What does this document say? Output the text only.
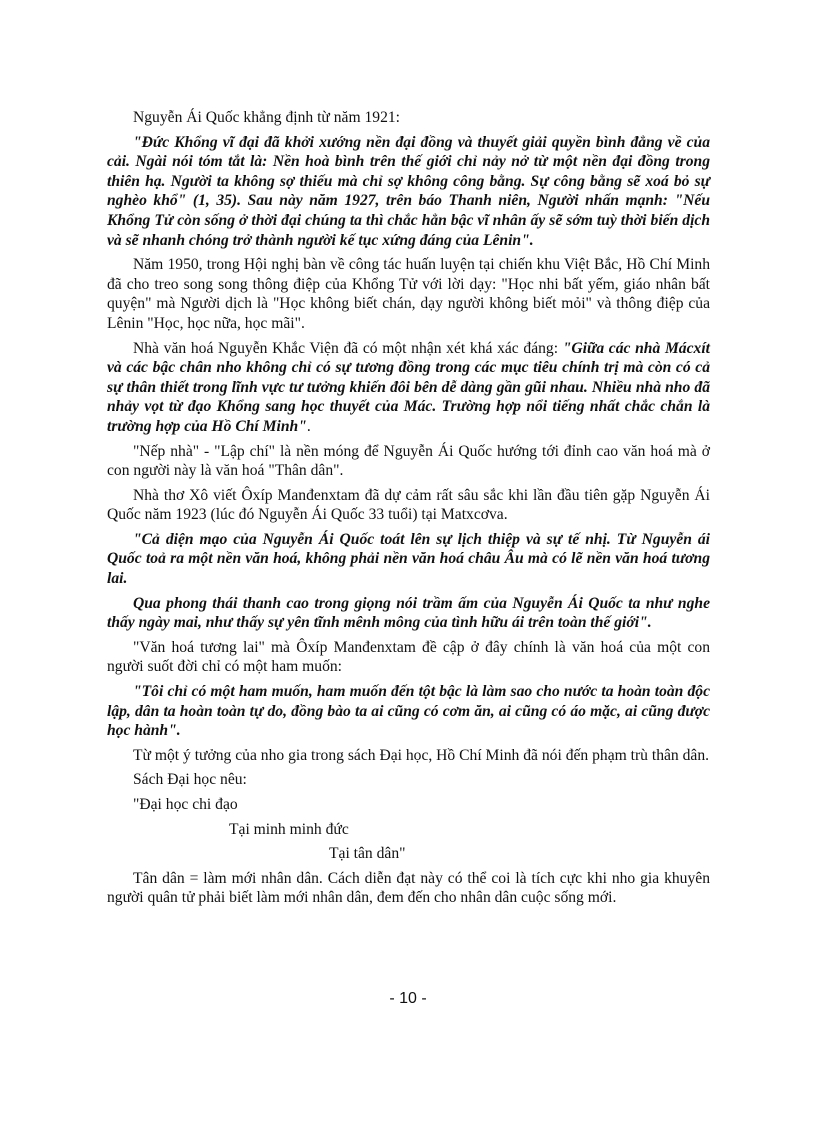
Nguyễn Ái Quốc khẳng định từ năm 1921:

"Đức Khổng vĩ đại đã khởi xướng nền đại đồng và thuyết giải quyền bình đẳng về của cải. Ngài nói tóm tắt là: Nền hoà bình trên thế giới chỉ nảy nở từ một nền đại đồng trong thiên hạ. Người ta không sợ thiếu mà chỉ sợ không công bằng. Sự công bằng sẽ xoá bỏ sự nghèo khổ" (1, 35). Sau này năm 1927, trên báo Thanh niên, Người nhấn mạnh: "Nếu Khổng Tử còn sống ở thời đại chúng ta thì chắc hẳn bậc vĩ nhân ấy sẽ sớm tuỳ thời biến dịch và sẽ nhanh chóng trở thành người kế tục xứng đáng của Lênin".

Năm 1950, trong Hội nghị bàn về công tác huấn luyện tại chiến khu Việt Bắc, Hồ Chí Minh đã cho treo song song thông điệp của Khổng Tử với lời dạy: "Học nhi bất yếm, giáo nhân bất quyện" mà Người dịch là "Học không biết chán, dạy người không biết mỏi" và thông điệp của Lênin "Học, học nữa, học mãi".

Nhà văn hoá Nguyễn Khắc Viện đã có một nhận xét khá xác đáng: "Giữa các nhà Mácxít và các bậc chân nho không chỉ có sự tương đồng trong các mục tiêu chính trị mà còn có cả sự thân thiết trong lĩnh vực tư tưởng khiến đôi bên dễ dàng gần gũi nhau. Nhiều nhà nho đã nhảy vọt từ đạo Khổng sang học thuyết của Mác. Trường hợp nổi tiếng nhất chắc chắn là trường hợp của Hồ Chí Minh".

"Nếp nhà" - "Lập chí" là nền móng để Nguyễn Ái Quốc hướng tới đỉnh cao văn hoá mà ở con người này là văn hoá "Thân dân".

Nhà thơ Xô viết Ôxíp Manđenxtam đã dự cảm rất sâu sắc khi lần đầu tiên gặp Nguyễn Ái Quốc năm 1923 (lúc đó Nguyễn Ái Quốc 33 tuổi) tại Matxcơva.

"Cả diện mạo của Nguyễn Ái Quốc toát lên sự lịch thiệp và sự tế nhị. Từ Nguyễn ái Quốc toả ra một nền văn hoá, không phải nền văn hoá châu Âu mà có lẽ nền văn hoá tương lai.

Qua phong thái thanh cao trong giọng nói trầm ấm của Nguyễn Ái Quốc ta như nghe thấy ngày mai, như thấy sự yên tĩnh mênh mông của tình hữu ái trên toàn thế giới".

"Văn hoá tương lai" mà Ôxíp Manđenxtam đề cập ở đây chính là văn hoá của một con người suốt đời chỉ có một ham muốn:

"Tôi chỉ có một ham muốn, ham muốn đến tột bậc là làm sao cho nước ta hoàn toàn độc lập, dân ta hoàn toàn tự do, đồng bào ta ai cũng có cơm ăn, ai cũng có áo mặc, ai cũng được học hành".

Từ một ý tưởng của nho gia trong sách Đại học, Hồ Chí Minh đã nói đến phạm trù thân dân.

Sách Đại học nêu:

"Đại học chi đạo
Tại minh minh đức
Tại tân dân"

Tân dân = làm mới nhân dân. Cách diễn đạt này có thể coi là tích cực khi nho gia khuyên người quân tử phải biết làm mới nhân dân, đem đến cho nhân dân cuộc sống mới.

- 10 -
